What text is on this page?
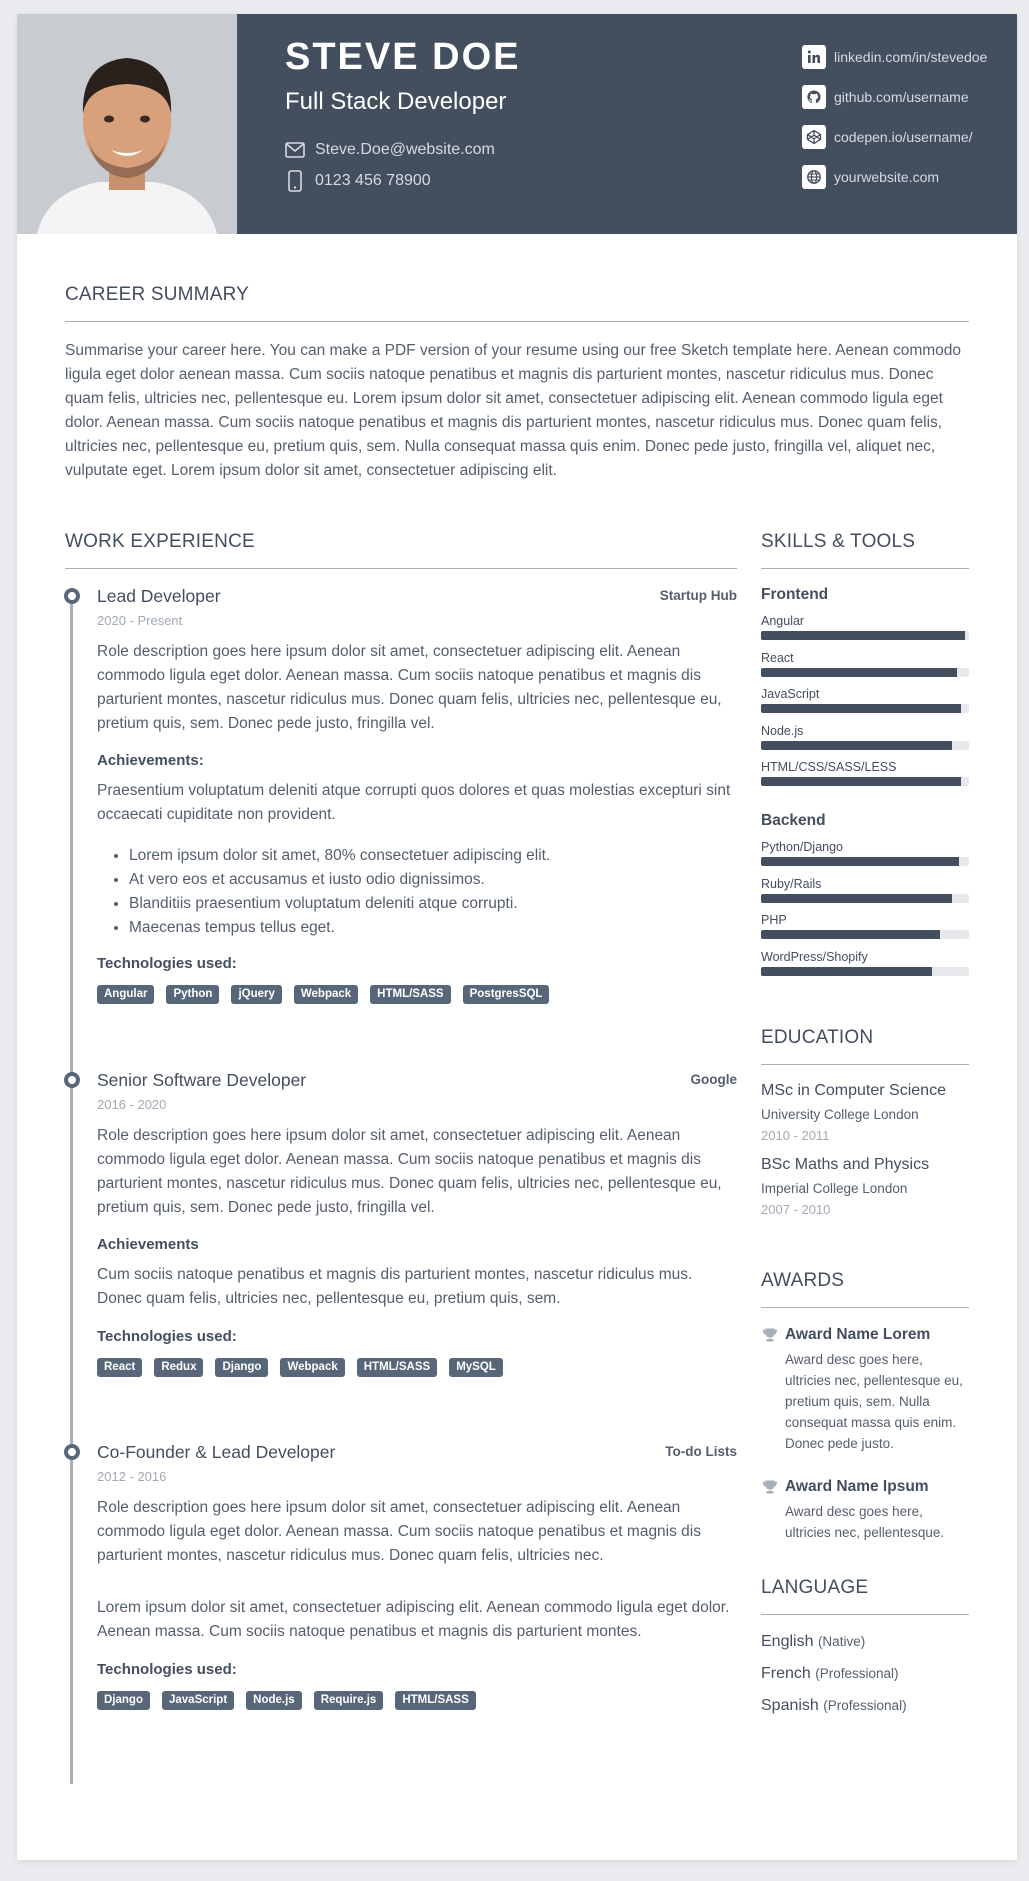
STEVE DOE
Full Stack Developer
Steve.Doe@website.com
0123 456 78900
linkedin.com/in/stevedoe
github.com/username
codepen.io/username/
yourwebsite.com
CAREER SUMMARY
Summarise your career here. You can make a PDF version of your resume using our free Sketch template here. Aenean commodo ligula eget dolor aenean massa. Cum sociis natoque penatibus et magnis dis parturient montes, nascetur ridiculus mus. Donec quam felis, ultricies nec, pellentesque eu. Lorem ipsum dolor sit amet, consectetuer adipiscing elit. Aenean commodo ligula eget dolor. Aenean massa. Cum sociis natoque penatibus et magnis dis parturient montes, nascetur ridiculus mus. Donec quam felis, ultricies nec, pellentesque eu, pretium quis, sem. Nulla consequat massa quis enim. Donec pede justo, fringilla vel, aliquet nec, vulputate eget. Lorem ipsum dolor sit amet, consectetuer adipiscing elit.
WORK EXPERIENCE
Lead Developer	Startup Hub
2020 - Present
Role description goes here ipsum dolor sit amet, consectetuer adipiscing elit. Aenean commodo ligula eget dolor. Aenean massa. Cum sociis natoque penatibus et magnis dis parturient montes, nascetur ridiculus mus. Donec quam felis, ultricies nec, pellentesque eu, pretium quis, sem. Donec pede justo, fringilla vel.
Achievements:
Praesentium voluptatum deleniti atque corrupti quos dolores et quas molestias excepturi sint occaecati cupiditate non provident.
• Lorem ipsum dolor sit amet, 80% consectetuer adipiscing elit.
• At vero eos et accusamus et iusto odio dignissimos.
• Blanditiis praesentium voluptatum deleniti atque corrupti.
• Maecenas tempus tellus eget.
Technologies used:
Angular	Python	jQuery	Webpack	HTML/SASS	PostgresSQL
Senior Software Developer	Google
2016 - 2020
Role description goes here ipsum dolor sit amet, consectetuer adipiscing elit. Aenean commodo ligula eget dolor. Aenean massa. Cum sociis natoque penatibus et magnis dis parturient montes, nascetur ridiculus mus. Donec quam felis, ultricies nec, pellentesque eu, pretium quis, sem. Donec pede justo, fringilla vel.
Achievements
Cum sociis natoque penatibus et magnis dis parturient montes, nascetur ridiculus mus. Donec quam felis, ultricies nec, pellentesque eu, pretium quis, sem.
Technologies used:
React	Redux	Django	Webpack	HTML/SASS	MySQL
Co-Founder & Lead Developer	To-do Lists
2012 - 2016
Role description goes here ipsum dolor sit amet, consectetuer adipiscing elit. Aenean commodo ligula eget dolor. Aenean massa. Cum sociis natoque penatibus et magnis dis parturient montes, nascetur ridiculus mus. Donec quam felis, ultricies nec.
Lorem ipsum dolor sit amet, consectetuer adipiscing elit. Aenean commodo ligula eget dolor. Aenean massa. Cum sociis natoque penatibus et magnis dis parturient montes.
Technologies used:
Django	JavaScript	Node.js	Require.js	HTML/SASS
SKILLS & TOOLS
Frontend
Angular
React
JavaScript
Node.js
HTML/CSS/SASS/LESS
Backend
Python/Django
Ruby/Rails
PHP
WordPress/Shopify
EDUCATION
MSc in Computer Science
University College London
2010 - 2011
BSc Maths and Physics
Imperial College London
2007 - 2010
AWARDS
Award Name Lorem
Award desc goes here, ultricies nec, pellentesque eu, pretium quis, sem. Nulla consequat massa quis enim. Donec pede justo.
Award Name Ipsum
Award desc goes here, ultricies nec, pellentesque.
LANGUAGE
English (Native)
French (Professional)
Spanish (Professional)
